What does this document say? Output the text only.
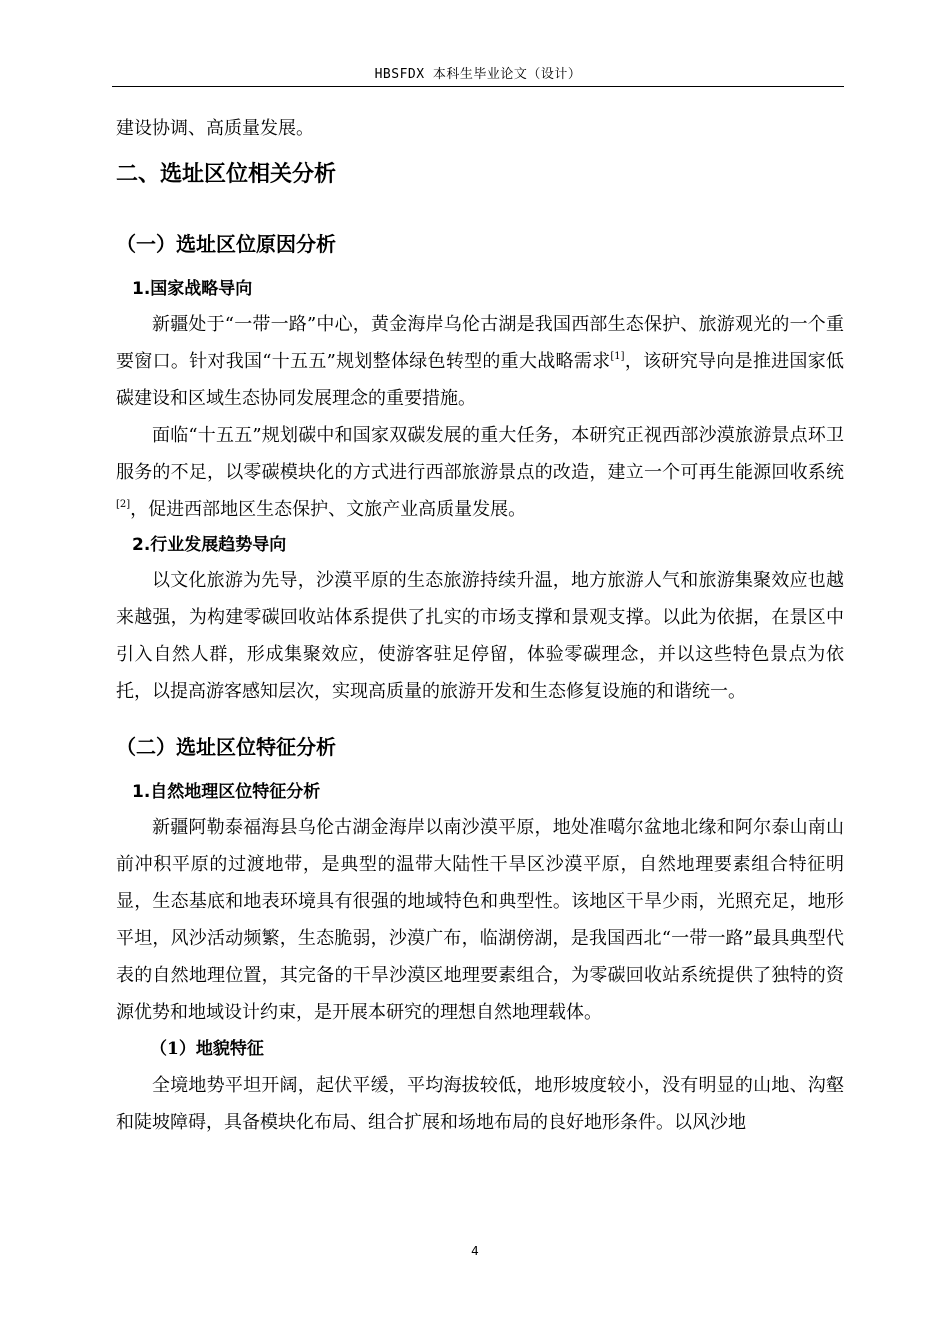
HBSFDX 本科生毕业论文（设计）

建设协调、高质量发展。

二、选址区位相关分析
（一）选址区位原因分析
1.国家战略导向

新疆处于“一带一路”中心，黄金海岸乌伦古湖是我国西部生态保护、旅游观光的一个重要窗口。针对我国“十五五”规划整体绿色转型的重大战略需求[1]，该研究导向是推进国家低碳建设和区域生态协同发展理念的重要措施。

面临“十五五”规划碳中和国家双碳发展的重大任务，本研究正视西部沙漠旅游景点环卫服务的不足，以零碳模块化的方式进行西部旅游景点的改造，建立一个可再生能源回收系统[2]，促进西部地区生态保护、文旅产业高质量发展。

2.行业发展趋势导向

以文化旅游为先导，沙漠平原的生态旅游持续升温，地方旅游人气和旅游集聚效应也越来越强，为构建零碳回收站体系提供了扎实的市场支撑和景观支撑。以此为依据，在景区中引入自然人群，形成集聚效应，使游客驻足停留，体验零碳理念，并以这些特色景点为依托，以提高游客感知层次，实现高质量的旅游开发和生态修复设施的和谐统一。

（二）选址区位特征分析
1.自然地理区位特征分析

新疆阿勒泰福海县乌伦古湖金海岸以南沙漠平原，地处准噶尔盆地北缘和阿尔泰山南山前冲积平原的过渡地带，是典型的温带大陆性干旱区沙漠平原，自然地理要素组合特征明显，生态基底和地表环境具有很强的地域特色和典型性。该地区干旱少雨，光照充足，地形平坦，风沙活动频繁，生态脆弱，沙漠广布，临湖傍湖，是我国西北“一带一路”最具典型代表的自然地理位置，其完备的干旱沙漠区地理要素组合，为零碳回收站系统提供了独特的资源优势和地域设计约束，是开展本研究的理想自然地理载体。

（1）地貌特征

全境地势平坦开阔，起伏平缓，平均海拔较低，地形坡度较小，没有明显的山地、沟壑和陡坡障碍，具备模块化布局、组合扩展和场地布局的良好地形条件。以风沙地

4
